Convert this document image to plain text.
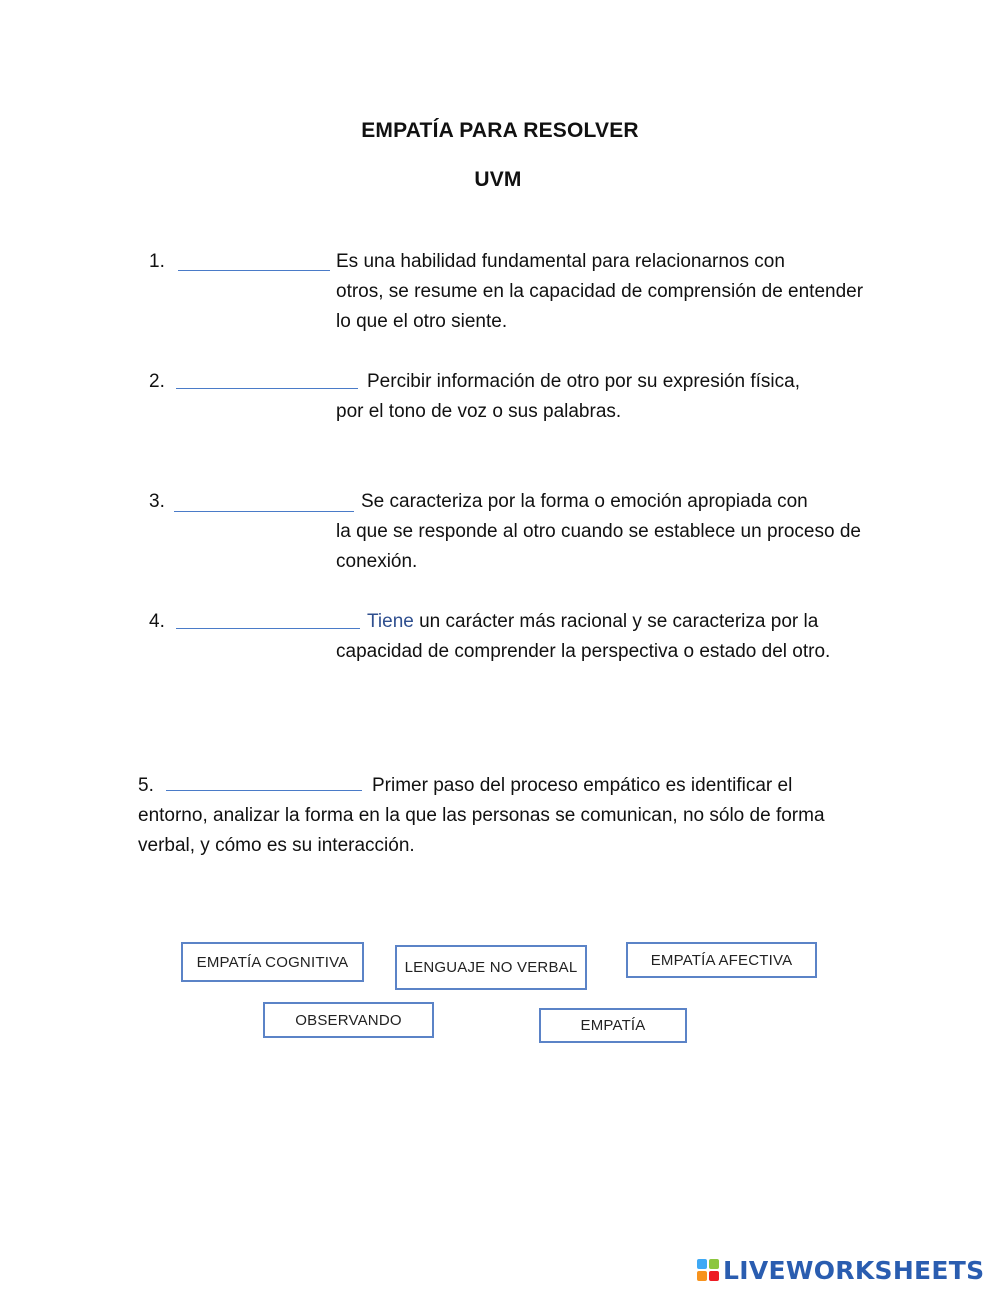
EMPATÍA PARA RESOLVER
UVM
1.	Es una habilidad fundamental para relacionarnos con
otros, se resume en la capacidad de comprensión de entender lo que el otro siente.
2.	Percibir información de otro por su expresión física,
por el tono de voz o sus palabras.
3.	Se caracteriza por la forma o emoción apropiada con
la que se responde al otro cuando se establece un proceso de conexión.
4.	Tiene un carácter más racional y se caracteriza por la
capacidad de comprender la perspectiva o estado del otro.
5.	Primer paso del proceso empático es identificar el
entorno, analizar la forma en la que las personas se comunican, no sólo de forma verbal, y cómo es su interacción.
EMPATÍA COGNITIVA	LENGUAJE NO VERBAL	EMPATÍA AFECTIVA
OBSERVANDO	EMPATÍA
LIVEWORKSHEETS
